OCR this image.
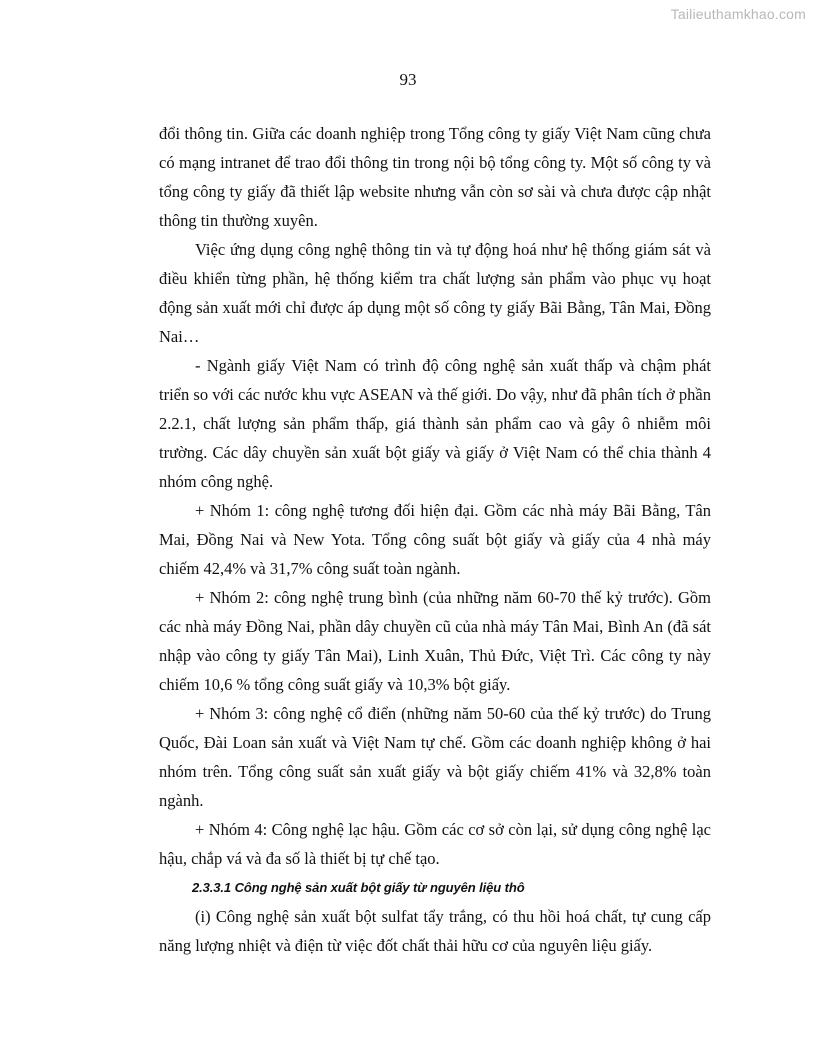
Tailieuthamkhao.com
93

đổi thông tin. Giữa các doanh nghiệp trong Tổng công ty giấy Việt Nam cũng chưa có mạng intranet để trao đổi thông tin trong nội bộ tổng công ty. Một số công ty và tổng công ty giấy đã thiết lập website nhưng vẫn còn sơ sài và chưa được cập nhật thông tin thường xuyên.

Việc ứng dụng công nghệ thông tin và tự động hoá như hệ thống giám sát và điều khiển từng phần, hệ thống kiểm tra chất lượng sản phẩm vào phục vụ hoạt động sản xuất mới chỉ được áp dụng một số công ty giấy Bãi Bằng, Tân Mai, Đồng Nai…

- Ngành giấy Việt Nam có trình độ công nghệ sản xuất thấp và chậm phát triển so với các nước khu vực ASEAN và thế giới. Do vậy, như đã phân tích ở phần 2.2.1, chất lượng sản phẩm thấp, giá thành sản phẩm cao và gây ô nhiễm môi trường. Các dây chuyền sản xuất bột giấy và giấy ở Việt Nam có thể chia thành 4 nhóm công nghệ.

+ Nhóm 1: công nghệ tương đối hiện đại. Gồm các nhà máy Bãi Bằng, Tân Mai, Đồng Nai và New Yota. Tổng công suất bột giấy và giấy của 4 nhà máy chiếm 42,4% và 31,7% công suất toàn ngành.

+ Nhóm 2: công nghệ trung bình (của những năm 60-70 thế kỷ trước). Gồm các nhà máy Đồng Nai, phần dây chuyền cũ của nhà máy Tân Mai, Bình An (đã sát nhập vào công ty giấy Tân Mai), Linh Xuân, Thủ Đức, Việt Trì. Các công ty này chiếm 10,6 % tổng công suất giấy và 10,3% bột giấy.

+ Nhóm 3: công nghệ cổ điển (những năm 50-60 của thế kỷ trước) do Trung Quốc, Đài Loan sản xuất và Việt Nam tự chế. Gồm các doanh nghiệp không ở hai nhóm trên. Tổng công suất sản xuất giấy và bột giấy chiếm 41% và 32,8% toàn ngành.

+ Nhóm 4: Công nghệ lạc hậu. Gồm các cơ sở còn lại, sử dụng công nghệ lạc hậu, chắp vá và đa số là thiết bị tự chế tạo.

2.3.3.1 Công nghệ sản xuất bột giấy từ nguyên liệu thô

(i) Công nghệ sản xuất bột sulfat tẩy trắng, có thu hồi hoá chất, tự cung cấp năng lượng nhiệt và điện từ việc đốt chất thải hữu cơ của nguyên liệu giấy.
